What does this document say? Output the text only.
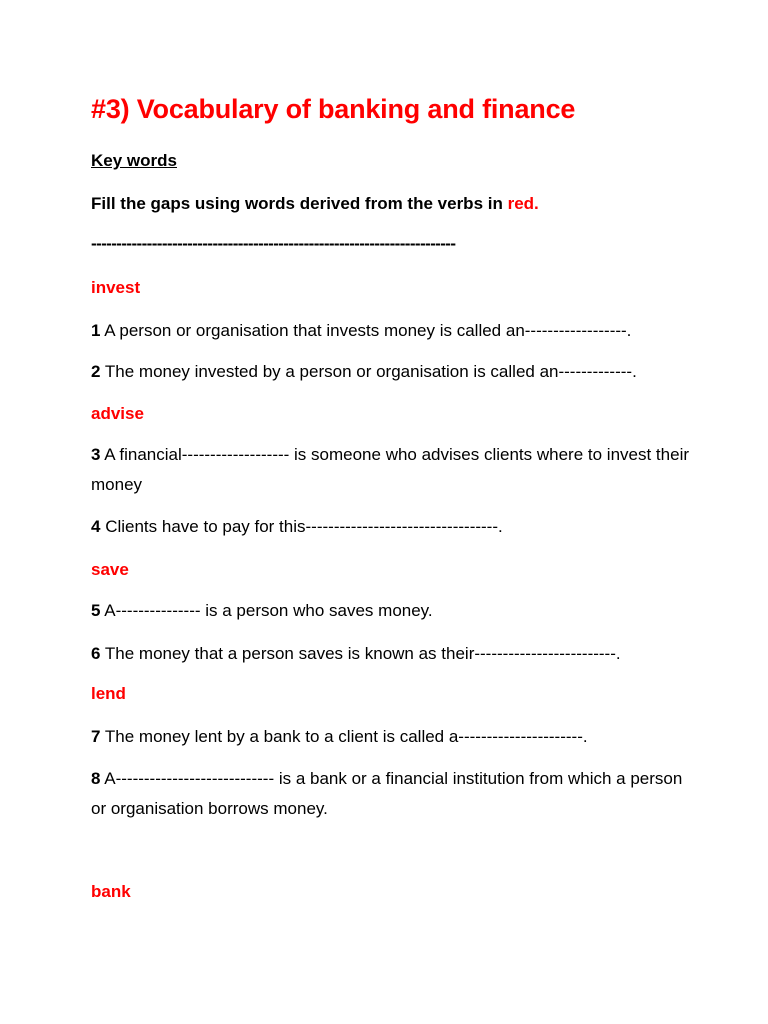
#3) Vocabulary of banking and finance
Key words
Fill the gaps using words derived from the verbs in red.
------------------------------------------------------------------------
invest
1 A person or organisation that invests money is called an------------------.
2 The money invested by a person or organisation is called an-------------.
advise
3 A financial------------------- is someone who advises clients where to invest their money
4 Clients have to pay for this----------------------------------.
save
5 A--------------- is a person who saves money.
6 The money that a person saves is known as their-------------------------.
lend
7 The money lent by a bank to a client is called a----------------------.
8 A---------------------------- is a bank or a financial institution from which a person or organisation borrows money.
bank
